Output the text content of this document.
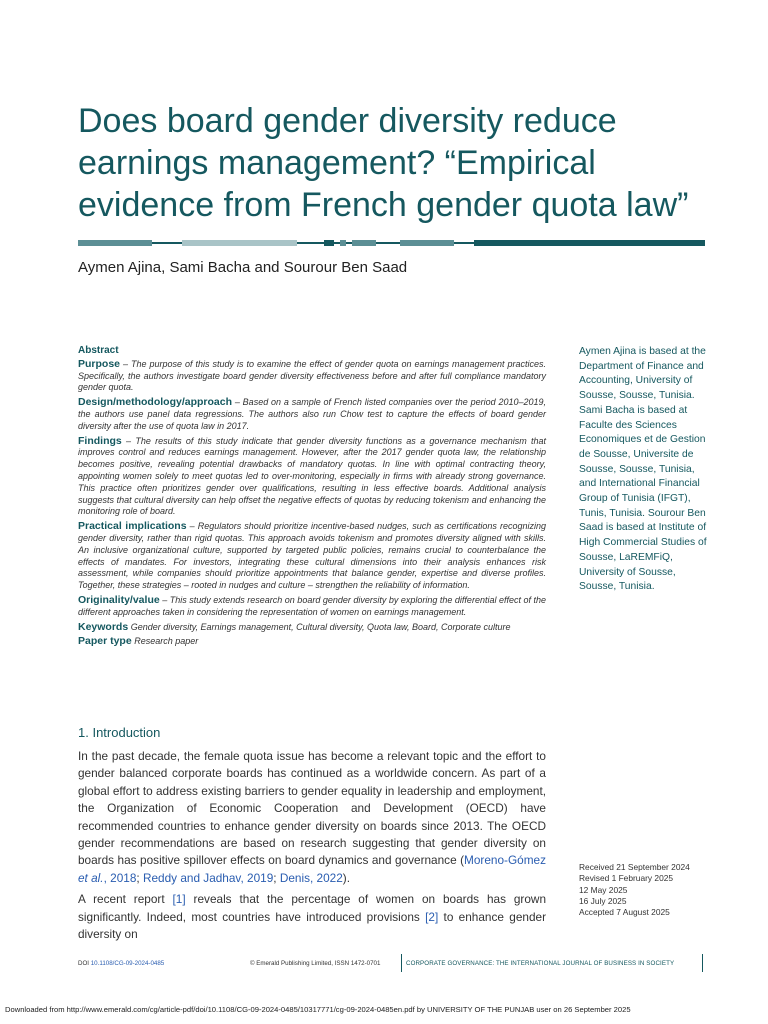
Does board gender diversity reduce earnings management? “Empirical evidence from French gender quota law”
Aymen Ajina, Sami Bacha and Sourour Ben Saad
Abstract

Purpose – The purpose of this study is to examine the effect of gender quota on earnings management practices. Specifically, the authors investigate board gender diversity effectiveness before and after full compliance mandatory gender quota.

Design/methodology/approach – Based on a sample of French listed companies over the period 2010–2019, the authors use panel data regressions. The authors also run Chow test to capture the effects of board gender diversity after the use of quota law in 2017.

Findings – The results of this study indicate that gender diversity functions as a governance mechanism that improves control and reduces earnings management. However, after the 2017 gender quota law, the relationship becomes positive, revealing potential drawbacks of mandatory quotas. In line with optimal contracting theory, appointing women solely to meet quotas led to over-monitoring, especially in firms with already strong governance. This practice often prioritizes gender over qualifications, resulting in less effective boards. Additional analysis suggests that cultural diversity can help offset the negative effects of quotas by reducing tokenism and enhancing the monitoring role of board.

Practical implications – Regulators should prioritize incentive-based nudges, such as certifications recognizing gender diversity, rather than rigid quotas. This approach avoids tokenism and promotes diversity aligned with skills. An inclusive organizational culture, supported by targeted public policies, remains crucial to counterbalance the effects of mandates. For investors, integrating these cultural dimensions into their analysis enhances risk assessment, while companies should prioritize appointments that balance gender, expertise and diverse profiles. Together, these strategies – rooted in nudges and culture – strengthen the reliability of information.

Originality/value – This study extends research on board gender diversity by exploring the differential effect of the different approaches taken in considering the representation of women on earnings management.

Keywords Gender diversity, Earnings management, Cultural diversity, Quota law, Board, Corporate culture

Paper type Research paper

Aymen Ajina is based at the Department of Finance and Accounting, University of Sousse, Sousse, Tunisia. Sami Bacha is based at Faculte des Sciences Economiques et de Gestion de Sousse, Universite de Sousse, Sousse, Tunisia, and International Financial Group of Tunisia (IFGT), Tunis, Tunisia. Sourour Ben Saad is based at Institute of High Commercial Studies of Sousse, LaREMFiQ, University of Sousse, Sousse, Tunisia.
1. Introduction

In the past decade, the female quota issue has become a relevant topic and the effort to gender balanced corporate boards has continued as a worldwide concern. As part of a global effort to address existing barriers to gender equality in leadership and employment, the Organization of Economic Cooperation and Development (OECD) have recommended countries to enhance gender diversity on boards since 2013. The OECD gender recommendations are based on research suggesting that gender diversity on boards has positive spillover effects on board dynamics and governance (Moreno-Gómez et al., 2018; Reddy and Jadhav, 2019; Denis, 2022).

A recent report [1] reveals that the percentage of women on boards has grown significantly. Indeed, most countries have introduced provisions [2] to enhance gender diversity on

Received 21 September 2024
Revised 1 February 2025
12 May 2025
16 July 2025
Accepted 7 August 2025
DOI 10.1108/CG-09-2024-0485	© Emerald Publishing Limited, ISSN 1472-0701	CORPORATE GOVERNANCE: THE INTERNATIONAL JOURNAL OF BUSINESS IN SOCIETY
Downloaded from http://www.emerald.com/cg/article-pdf/doi/10.1108/CG-09-2024-0485/10317771/cg-09-2024-0485en.pdf by UNIVERSITY OF THE PUNJAB user on 26 September 2025
